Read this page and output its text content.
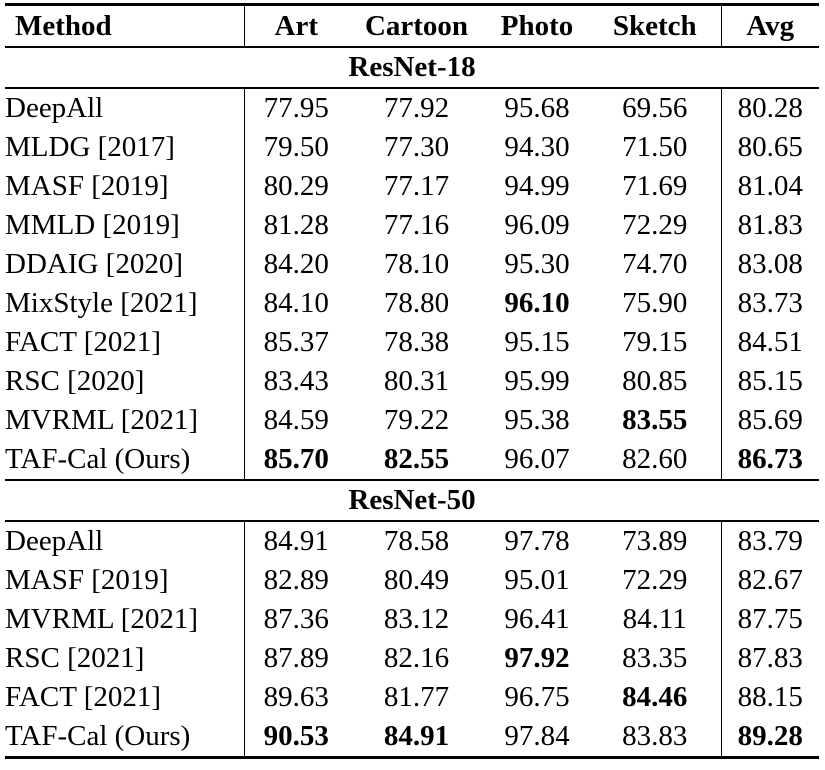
Method	Art	Cartoon	Photo	Sketch	Avg
ResNet-18					
DeepAll	77.95	77.92	95.68	69.56	80.28
MLDG [2017]	79.50	77.30	94.30	71.50	80.65
MASF [2019]	80.29	77.17	94.99	71.69	81.04
MMLD [2019]	81.28	77.16	96.09	72.29	81.83
DDAIG [2020]	84.20	78.10	95.30	74.70	83.08
MixStyle [2021]	84.10	78.80	96.10	75.90	83.73
FACT [2021]	85.37	78.38	95.15	79.15	84.51
RSC [2020]	83.43	80.31	95.99	80.85	85.15
MVRML [2021]	84.59	79.22	95.38	83.55	85.69
TAF-Cal (Ours)	85.70	82.55	96.07	82.60	86.73
ResNet-50					
DeepAll	84.91	78.58	97.78	73.89	83.79
MASF [2019]	82.89	80.49	95.01	72.29	82.67
MVRML [2021]	87.36	83.12	96.41	84.11	87.75
RSC [2021]	87.89	82.16	97.92	83.35	87.83
FACT [2021]	89.63	81.77	96.75	84.46	88.15
TAF-Cal (Ours)	90.53	84.91	97.84	83.83	89.28
